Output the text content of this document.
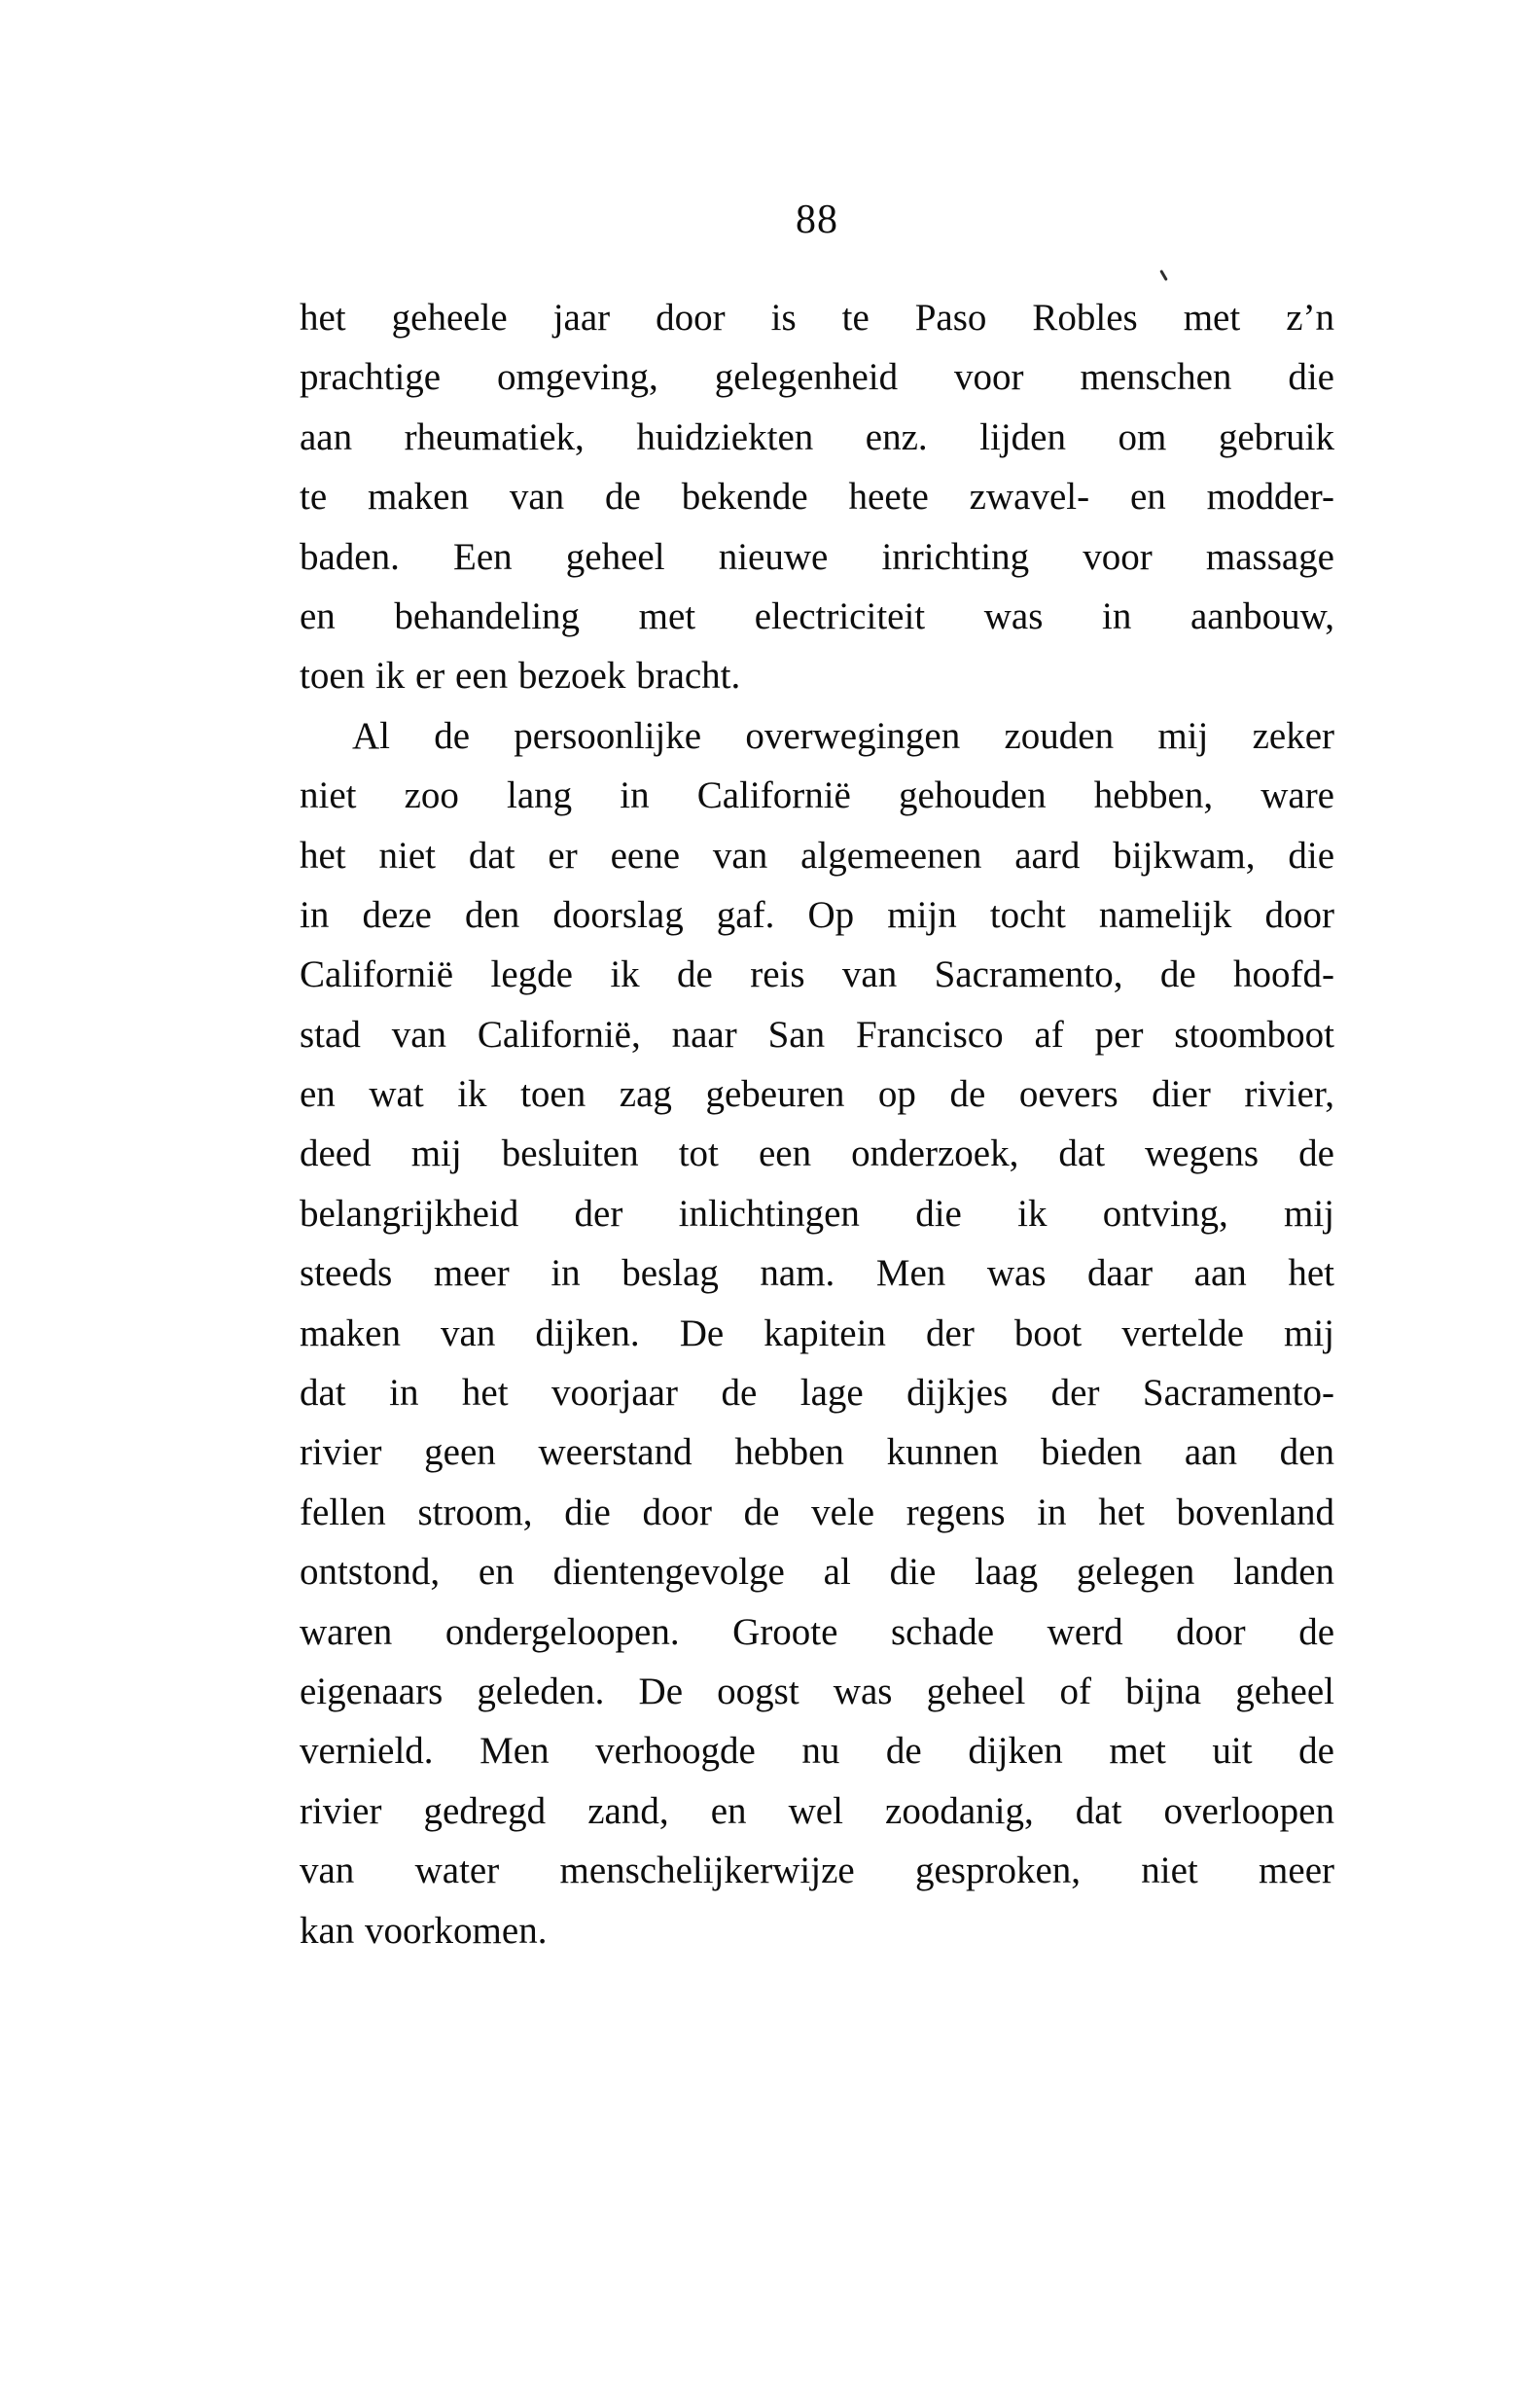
88

het geheele jaar door is te Paso Robles met z’n

prachtige omgeving, gelegenheid voor menschen die

aan rheumatiek, huidziekten enz. lijden om gebruik

te maken van de bekende heete zwavel- en modder-

baden. Een geheel nieuwe inrichting voor massage

en behandeling met electriciteit was in aanbouw,

toen ik er een bezoek bracht.

Al de persoonlijke overwegingen zouden mij zeker

niet zoo lang in Californië gehouden hebben, ware

het niet dat er eene van algemeenen aard bijkwam, die

in deze den doorslag gaf. Op mijn tocht namelijk door

Californië legde ik de reis van Sacramento, de hoofd-

stad van Californië, naar San Francisco af per stoomboot

en wat ik toen zag gebeuren op de oevers dier rivier,

deed mij besluiten tot een onderzoek, dat wegens de

belangrijkheid der inlichtingen die ik ontving, mij

steeds meer in beslag nam. Men was daar aan het

maken van dijken. De kapitein der boot vertelde mij

dat in het voorjaar de lage dijkjes der Sacramento-

rivier geen weerstand hebben kunnen bieden aan den

fellen stroom, die door de vele regens in het bovenland

ontstond, en dientengevolge al die laag gelegen landen

waren ondergeloopen. Groote schade werd door de

eigenaars geleden. De oogst was geheel of bijna geheel

vernield. Men verhoogde nu de dijken met uit de

rivier gedregd zand, en wel zoodanig, dat overloopen

van water menschelijkerwijze gesproken, niet meer

kan voorkomen.
